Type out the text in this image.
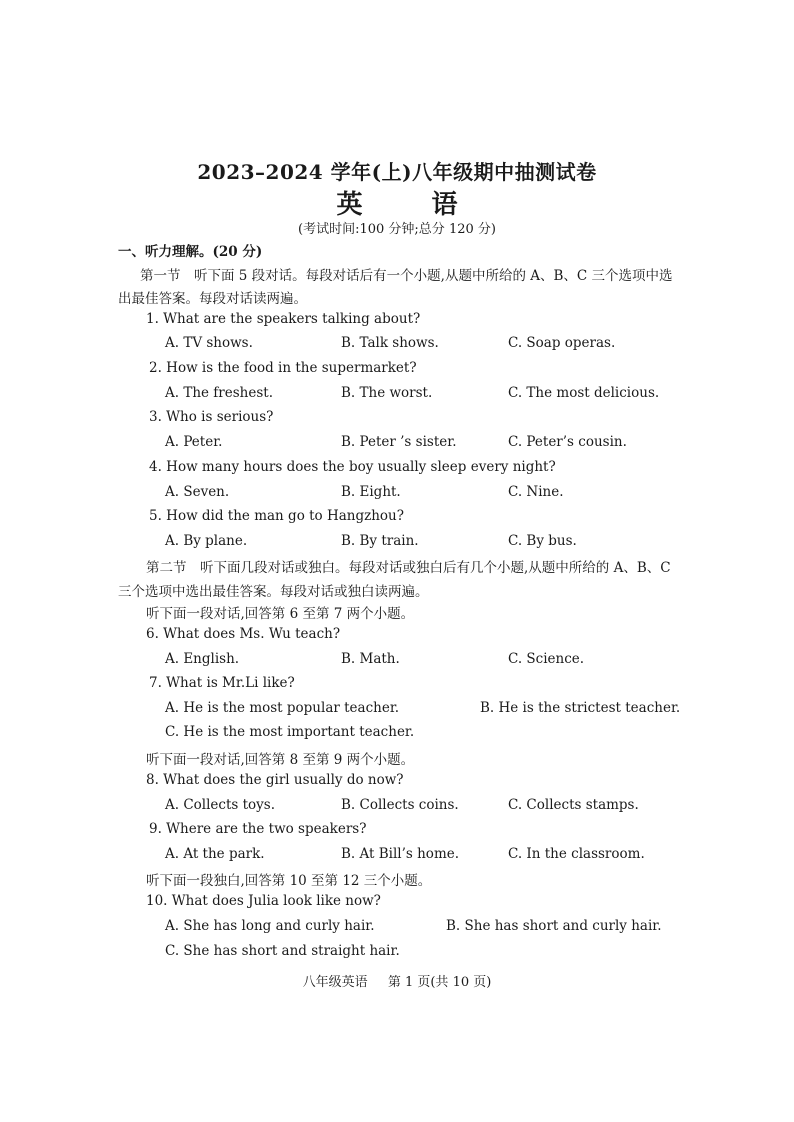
2023–2024 学年(上)八年级期中抽测试卷
英 语
(考试时间:100 分钟;总分 120 分)
一、听力理解。(20 分)
第一节　听下面 5 段对话。每段对话后有一个小题,从题中所给的 A、B、C 三个选项中选
出最佳答案。每段对话读两遍。
1. What are the speakers talking about?
A. TV shows.	B. Talk shows.	C. Soap operas.
2. How is the food in the supermarket?
A. The freshest.	B. The worst.	C. The most delicious.
3. Who is serious?
A. Peter.	B. Peter ’s sister.	C. Peter’s cousin.
4. How many hours does the boy usually sleep every night?
A. Seven.	B. Eight.	C. Nine.
5. How did the man go to Hangzhou?
A. By plane.	B. By train.	C. By bus.
第二节　听下面几段对话或独白。每段对话或独白后有几个小题,从题中所给的 A、B、C
三个选项中选出最佳答案。每段对话或独白读两遍。
听下面一段对话,回答第 6 至第 7 两个小题。
6. What does Ms. Wu teach?
A. English.	B. Math.	C. Science.
7. What is Mr.Li like?
A. He is the most popular teacher.	B. He is the strictest teacher.
C. He is the most important teacher.
听下面一段对话,回答第 8 至第 9 两个小题。
8. What does the girl usually do now?
A. Collects toys.	B. Collects coins.	C. Collects stamps.
9. Where are the two speakers?
A. At the park.	B. At Bill’s home.	C. In the classroom.
听下面一段独白,回答第 10 至第 12 三个小题。
10. What does Julia look like now?
A. She has long and curly hair.	B. She has short and curly hair.
C. She has short and straight hair.
八年级英语 第 1 页(共 10 页)
